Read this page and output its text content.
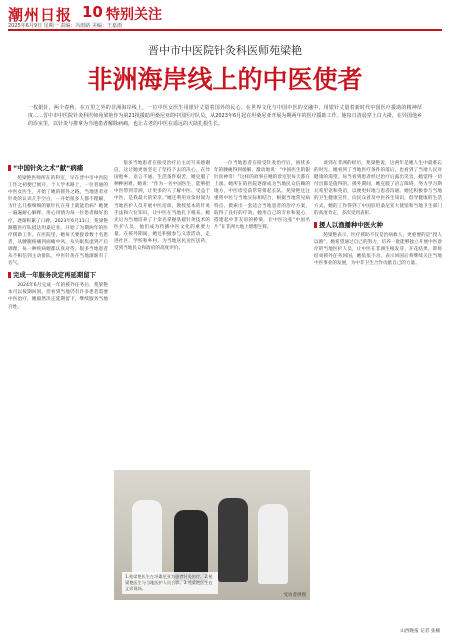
潮州日报 10 特别关注
2025年6月9日 星期一 责编：冯雨路 美编：王嘉雨
晋中市中医院针灸科医师苑梁艳
非洲海岸线上的中医使者
一枚银针，两个春秋，在万里之外的非洲海岸线上，一位中医女医生用银针丈量着国外的民心，在世界文化与中国中医的交融中，用银针丈量着新时代中国医疗援助的精神厚度……晋中市中医院针灸科医师苑梁艳作为第21批援助坦桑尼亚的中国医疗队员，从2023年6月起在坦桑尼亚开展为期两年的医疗援助工作。她每日清晨穿上白大褂，在异国他乡的诊室里，以针灸与推拿为当地患者解除病痛，也让古老的中医在遥远的大陆扎根生长。

“中国针灸之术”献“病痛

苑梁艳医师所在的科室，早在晋中市中医院工作之初便已展开，个人学术路上，一位普通的中医女医生，开始了她的援外之路。当地患者对针灸的认识几乎空白，一开始很多人都不理解，为什么几根细细的银针扎在身上就能治病？她便一遍遍耐心解释，用心用情为每一位患者做好治疗，逐渐积累了口碑。2023年6月11日，苑梁艳跟随医疗队抵达坦桑尼亚，开始了为期两年的医疗援助工作。在医院里，她每天要接诊数十名患者，从腰腿疼痛到面瘫中风，从失眠焦虑到产后调理，每一种疾病她都认真对待。很多当地患者从不相信到主动排队，中医针灸在当地渐渐有了名气。

完成一年服务决定再延期留下

2024年6月完成一年的援外任务后，苑梁艳本可以按期回国，但看到当地仍有许多患者需要中医治疗，她毅然决定延期留下，继续服务当地百姓。

很多当地患者在接受治疗后主动写来感谢信，这让她更加坚定了坚持下去的决心。在异国他乡，语言不通、生活条件艰苦，她克服了种种困难。她说：“作为一名中国医生，能够把中医带到非洲，让更多的人了解中医、受益于中医，是我最大的荣幸。”她还利用业余时间为当地医护人员开展中医培训，教授基本的针灸手法和穴位知识，让中医在当地扎下根来。她先后为当地培养了十余名掌握基础针灸技术的医护人员，他们成为传播中医文化的重要力量。在援外期间，她还积极参与义诊活动，走进社区、学校和乡村，为当地居民送医送药，受到当地民众和政府的高度评价。

一位当地患者在接受针灸治疗后，困扰多年的腰痛得到缓解，激动地说：“中国医生的银针真神奇！”这样的故事在她的诊室里每天都在上演。她所在的医院逐渐成为当地民众信赖的地方，中医诊室前常常排起长队。苑梁艳还注重将中医与当地实际相结合，根据当地常见病特点，摸索出一套适合当地患者的治疗方案，取得了良好的疗效。她用自己的专业和爱心，搭建起中非友谊的桥梁，让中医这张“中国名片”在非洲大地上熠熠生辉。

谈到在非洲的经历，苑梁艳说，这两年是她人生中最难忘的时光。她看到了当地医疗条件的落后，也看到了当地人民对健康的渴望。每当看到患者经过治疗后露出笑容，她觉得一切付出都是值得的。援外期间，她克服了语言障碍，努力学习斯瓦希里语和英语，以便更好地与患者沟通。她还积极参与当地的卫生健康宣传，向民众普及中医养生知识，倡导健康的生活方式。她的工作得到了中国驻坦桑尼亚大使馆和当地卫生部门的高度肯定，多次受到表彰。

援人以渔播种中医火种

苑梁艳表示，医疗援助不仅是治病救人，更重要的是“授人以渔”。她希望通过自己的努力，培养一批能够独立开展中医诊疗的当地医护人员，让中医在非洲生根发芽、开花结果。即将结束援外任务回国，她依依不舍，表示回国后将继续关注当地中医事业的发展，为中非卫生合作贡献自己的力量。

1.苑梁艳医生在坦桑尼亚为患者针灸治疗。2.苑梁艳医生与当地医护人员合影。3.苑梁艳医生在义诊现场。
受访者供图
山西晚报 记者 张楠
